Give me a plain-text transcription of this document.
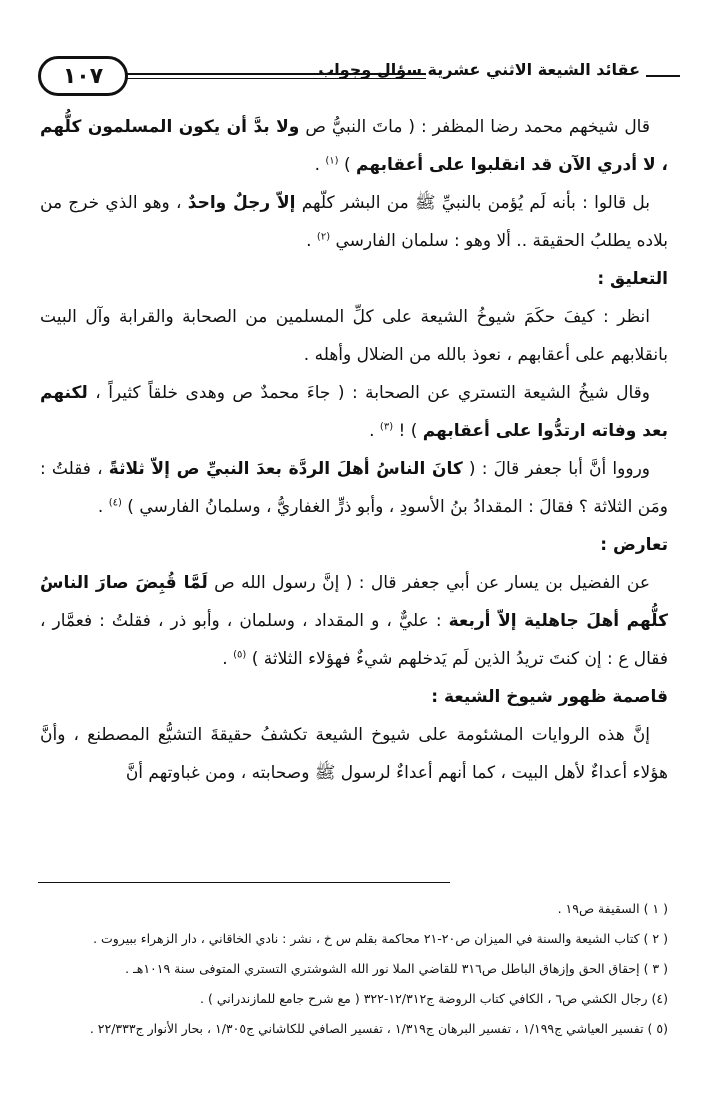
عقائد الشيعة الاثني عشرية سؤال وجواب
١٠٧

قال شيخهم محمد رضا المظفر : ( ماتَ النبيُّ ص ولا بدَّ أن يكون المسلمون كلُّهم ، لا أدري الآن قد انقلبوا على أعقابهم ) $^{(١)}$ .

بل قالوا : بأنه لَم يُؤمن بالنبيِّ ﷺ من البشر كلّهم إلاّ رجلٌ واحدٌ ، وهو الذي خرج من بلاده يطلبُ الحقيقة .. ألا وهو : سلمان الفارسي $^{(٢)}$ .

التعليق :

انظر : كيفَ حكَمَ شيوخُ الشيعة على كلِّ المسلمين من الصحابة والقرابة وآل البيت بانقلابهم على أعقابهم ، نعوذ بالله من الضلال وأهله .

وقال شيخُ الشيعة التستري عن الصحابة : ( جاءَ محمدٌ ص وهدى خلقاً كثيراً ، لكنهم بعد وفاته ارتدُّوا على أعقابهم ) ! $^{(٣)}$ .

ورووا أنَّ أبا جعفر قالَ : ( كانَ الناسُ أهلَ الردَّة بعدَ النبيِّ ص إلاّ ثلاثةً ، فقلتُ : ومَن الثلاثة ؟ فقالَ : المقدادُ بنُ الأسودِ ، وأبو ذرٍّ الغفاريُّ ، وسلمانُ الفارسي ) $^{(٤)}$ .

تعارض :

عن الفضيل بن يسار عن أبي جعفر قال : ( إنَّ رسول الله ص لَمَّا قُبِضَ صارَ الناسُ كلُّهم أهلَ جاهلية إلاّ أربعة : عليٌّ ، و المقداد ، وسلمان ، وأبو ذر ، فقلتُ : فعمَّار ، فقال ع : إن كنتَ تريدُ الذين لَم يَدخلهم شيءٌ فهؤلاء الثلاثة ) $^{(٥)}$ .

قاصمة ظهور شيوخ الشيعة :

إنَّ هذه الروايات المشئومة على شيوخ الشيعة تكشفُ حقيقةَ التشيُّع المصطنع ، وأنَّ هؤلاء أعداءٌ لأهل البيت ، كما أنهم أعداءٌ لرسول ﷺ وصحابته ، ومن غباوتهم أنَّ

( ١ ) السقيفة ص١٩ .

( ٢ ) كتاب الشيعة والسنة في الميزان ص٢٠-٢١ محاكمة بقلم س خ ، نشر : نادي الخاقاني ، دار الزهراء ببيروت .

( ٣ ) إحقاق الحق وإزهاق الباطل ص٣١٦ للقاضي الملا نور الله الشوشتري التستري المتوفى سنة ١٠١٩هـ .

(٤) رجال الكشي ص٦ ، الكافي كتاب الروضة ج١٢/٣١٢-٣٢٢ ( مع شرح جامع للمازندراني ) .

(٥ ) تفسير العياشي ج١/١٩٩ ، تفسير البرهان ج١/٣١٩ ، تفسير الصافي للكاشاني ج١/٣٠٥ ، بحار الأنوار ج٢٢/٣٣٣ .
